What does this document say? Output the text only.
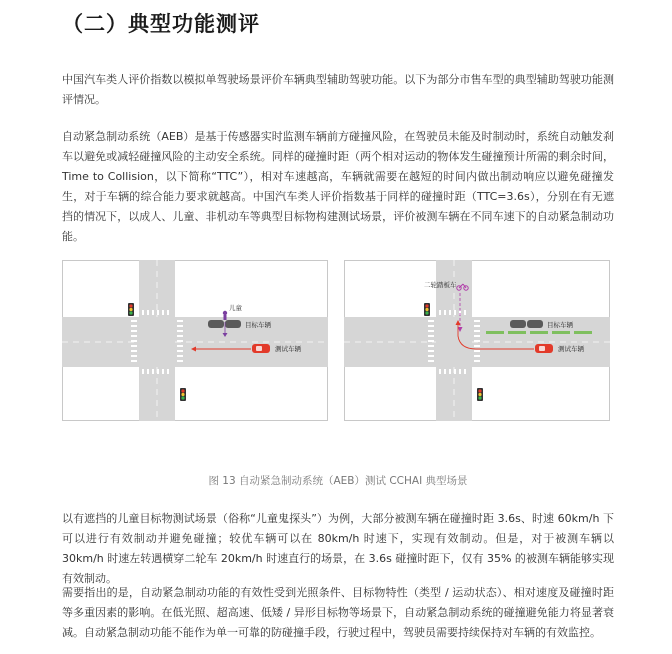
（二）典型功能测评
中国汽车类人评价指数以模拟单驾驶场景评价车辆典型辅助驾驶功能。以下为部分市售车型的典型辅助驾驶功能测评情况。
自动紧急制动系统（AEB）是基于传感器实时监测车辆前方碰撞风险，在驾驶员未能及时制动时，系统自动触发刹车以避免或减轻碰撞风险的主动安全系统。同样的碰撞时距（两个相对运动的物体发生碰撞预计所需的剩余时间，Time to Collision，以下简称“TTC”），相对车速越高，车辆就需要在越短的时间内做出制动响应以避免碰撞发生，对于车辆的综合能力要求就越高。中国汽车类人评价指数基于同样的碰撞时距（TTC=3.6s），分别在有无遮挡的情况下，以成人、儿童、非机动车等典型目标物构建测试场景，评价被测车辆在不同车速下的自动紧急制动功能。
目标车辆
儿童
测试车辆
目标车辆
二轮踏板车
测试车辆
图 13 自动紧急制动系统（AEB）测试 CCHAI 典型场景
以有遮挡的儿童目标物测试场景（俗称“儿童鬼探头”）为例，大部分被测车辆在碰撞时距 3.6s、时速 60km/h 下可以进行有效制动并避免碰撞；较优车辆可以在 80km/h 时速下，实现有效制动。但是，对于被测车辆以 30km/h 时速左转遇横穿二轮车 20km/h 时速直行的场景，在 3.6s 碰撞时距下，仅有 35% 的被测车辆能够实现有效制动。
需要指出的是，自动紧急制动功能的有效性受到光照条件、目标物特性（类型 / 运动状态）、相对速度及碰撞时距等多重因素的影响。在低光照、超高速、低矮 / 异形目标物等场景下，自动紧急制动系统的碰撞避免能力将显著衰减。自动紧急制动功能不能作为单一可靠的防碰撞手段，行驶过程中，驾驶员需要持续保持对车辆的有效监控。
